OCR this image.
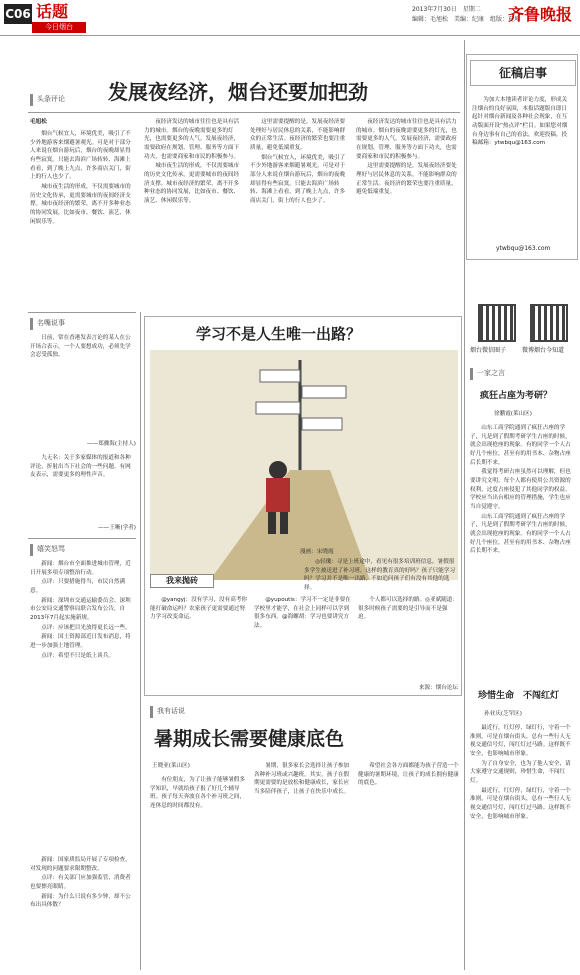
C06 话题
今日烟台
2013年7月30日　星期二
编辑：毛旭松　美编：纪康　组版：夏坤
齐鲁晚报
头条评论	发展夜经济，烟台还要加把劲
毛旭松

烟台气候宜人，环境优美，吸引了不少外地游客来烟避暑观光。可是对于部分人来说在烟台游玩后，烟台的夜晚却显得有些寂寞。只能去海滨广场转转、海滩上看看，到了晚上九点，许多商店关门，街上的行人也少了。

城市夜生活的形成，不仅需要城市的历史文化传承，更需要城市的夜间经济支撑。城市夜经济的繁荣，离不开多种业态的协同发展，比如夜市、餐饮、演艺、休闲娱乐等。

夜经济发达的城市往往也是具有活力的城市。烟台的夜晚需要更多的灯光，也需要更多的人气。发展夜经济，需要政府在规划、管理、服务等方面下功夫，也需要商家和市民的积极参与。

城市夜生活的形成，不仅需要城市的历史文化传承，更需要城市的夜间经济支撑。城市夜经济的繁荣，离不开多种业态的协同发展，比如夜市、餐饮、演艺、休闲娱乐等。

这里需要提醒的是，发展夜经济要处理好与居民休息的关系，不能影响群众的正常生活。夜经济的繁荣也要注重质量，避免低端重复。

烟台气候宜人，环境优美，吸引了不少外地游客来烟避暑观光。可是对于部分人来说在烟台游玩后，烟台的夜晚却显得有些寂寞。只能去海滨广场转转、海滩上看看，到了晚上九点，许多商店关门，街上的行人也少了。

夜经济发达的城市往往也是具有活力的城市。烟台的夜晚需要更多的灯光，也需要更多的人气。发展夜经济，需要政府在规划、管理、服务等方面下功夫，也需要商家和市民的积极参与。

这里需要提醒的是，发展夜经济要处理好与居民休息的关系，不能影响群众的正常生活。夜经济的繁荣也要注重质量，避免低端重复。

征稿启事

为加大本地读者评论力度，形成关注烟台的良好氛围，本报话题版自即日起针对烟台新闻及各种社会现象，在互动版面开设“热点评”栏目。如果您对烟台身边事有自己的看法，欢迎投稿。投稿邮箱：ytwbqu@163.com

ytwbqu@163.com
烟台微信圈子	微博烟台今知道
一家之言
疯狂占座为考研？
徐鹏霞(莱山区)

山东工商学院通到了疯狂占座的学子，凡是到了假期考研学生占座的时候，就会出现抢座的现象。有的同学一个人占好几个座位，甚至有的用书本、杂物占座后长期不来。

我觉得考研占座虽然可以理解，但也要讲究文明。每个人都有使用公共资源的权利，过度占座侵犯了其他同学的权益。学校应当出台相应的管理措施，学生也应当自觉遵守。

山东工商学院通到了疯狂占座的学子，凡是到了假期考研学生占座的时候，就会出现抢座的现象。有的同学一个人占好几个座位，甚至有的用书本、杂物占座后长期不来。

珍惜生命　不闯红灯
孙业庆(芝罘区)

最近行，红灯停，绿灯行，守着一个准则。可是在烟台街头，总有一些行人无视交通信号灯，闯红灯过马路。这样既不安全，也影响城市形象。

为了自身安全，也为了他人安全，请大家遵守交通规则，珍惜生命，不闯红灯。

最近行，红灯停，绿灯行，守着一个准则。可是在烟台街头，总有一些行人无视交通信号灯，闯红灯过马路。这样既不安全，也影响城市形象。

名嘴说事

日前，常在香港发表言论的某人在公开场合表示，一个人要想成功，必须先学会忍受孤独。

——郑骤海(主持人)

九无名：关于多家媒体的报道和各种评论，折射出当下社会的一些问题。有网友表示，需要更多的理性声音。

——王晰(学者)
嬉笑怒骂

新闻：烟台市全面推进城市管理，近日开展多项专项整治行动。

点评：只要措施得当，市民自然满意。

新闻：深圳市交通运输委员会、深圳市公安局交通警察局联合发布公告，自2013年7月起实施新规。

点评：应该把目光放得更长远一些。

新闻：国土资源部近日发布消息，将进一步加强土地管理。

点评：希望不只是纸上谈兵。

新闻：国家质监局开展了专项检查，对发现的问题要求限期整改。

点评：有关部门应加强监管，消费者也要擦亮眼睛。

新闻：为什么只说有多少钟，却不公布出具体数？

学习不是人生唯一出路？
漫画：宋晓霞
我来抛砖

◎轻瓊：寻是上班途中，看见有很多培训班信息，暑假很多学生被送进了补习班。这样的教育真的好吗？孩子只能学习吗？学习并不是唯一出路，不如追问孩子们有没有其他的选择。

@yangyj：没有学习，没有高考你能打破命运吗？农家孩子更需要通过努力学习改变命运。

@yupoutis：学习不一定是非要在学校里才能学，在社会上同样可以学到很多东西。@海螺胡：学习也要讲究方法。

个人都可以选择的路。◎亚斌随道：很多时候孩子需要的是引导而不是强迫。

来源：烟台论坛
我有话说
暑期成长需要健康底色
王晓亚(莱山区)

有位朋友，为了让孩子能够暑假多学知识，早就给孩子报了好几个辅导班。孩子每天奔波在各个补习班之间，连休息的时间都没有。

暑期，很多家长会选择让孩子参加各种补习班或兴趣班。其实，孩子在假期更需要的是放松和健康成长，家长应当多陪伴孩子，让孩子在快乐中成长。

希望社会各方面都能为孩子营造一个健康的暑期环境，让孩子的成长拥有健康的底色。
